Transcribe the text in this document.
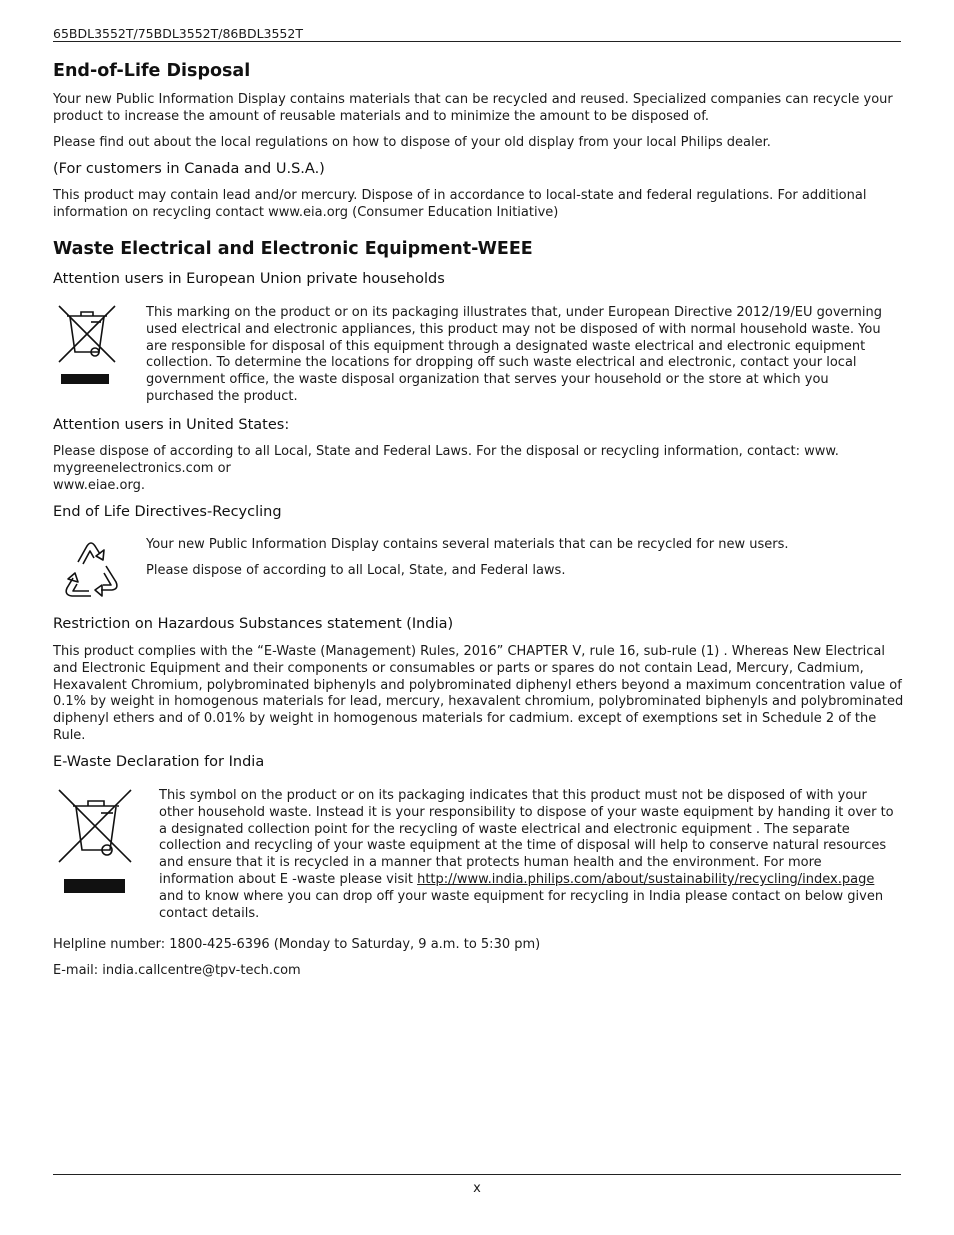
65BDL3552T/75BDL3552T/86BDL3552T
End-of-Life Disposal

Your new Public Information Display contains materials that can be recycled and reused. Specialized companies can recycle your product to increase the amount of reusable materials and to minimize the amount to be disposed of.

Please find out about the local regulations on how to dispose of your old display from your local Philips dealer.

(For customers in Canada and U.S.A.)

This product may contain lead and/or mercury. Dispose of in accordance to local-state and federal regulations. For additional information on recycling contact www.eia.org (Consumer Education Initiative)

Waste Electrical and Electronic Equipment-WEEE
Attention users in European Union private households

This marking on the product or on its packaging illustrates that, under European Directive 2012/19/EU governing used electrical and electronic appliances, this product may not be disposed of with normal household waste. You are responsible for disposal of this equipment through a designated waste electrical and electronic equipment collection. To determine the locations for dropping off such waste electrical and electronic, contact your local government office, the waste disposal organization that serves your household or the store at which you purchased the product.

Attention users in United States:

Please dispose of according to all Local, State and Federal Laws. For the disposal or recycling information, contact: www.
mygreenelectronics.com or
www.eiae.org.

End of Life Directives-Recycling

Your new Public Information Display contains several materials that can be recycled for new users.

Please dispose of according to all Local, State, and Federal laws.

Restriction on Hazardous Substances statement (India)

This product complies with the “E-Waste (Management) Rules, 2016” CHAPTER V, rule 16, sub-rule (1) . Whereas New Electrical and Electronic Equipment and their components or consumables or parts or spares do not contain Lead, Mercury, Cadmium, Hexavalent Chromium, polybrominated biphenyls and polybrominated diphenyl ethers beyond a maximum concentration value of 0.1% by weight in homogenous materials for lead, mercury, hexavalent chromium, polybrominated biphenyls and polybrominated diphenyl ethers and of 0.01% by weight in homogenous materials for cadmium. except of exemptions set in Schedule 2 of the Rule.

E-Waste Declaration for India

This symbol on the product or on its packaging indicates that this product must not be disposed of with your other household waste. Instead it is your responsibility to dispose of your waste equipment by handing it over to a designated collection point for the recycling of waste electrical and electronic equipment . The separate collection and recycling of your waste equipment at the time of disposal will help to conserve natural resources and ensure that it is recycled in a manner that protects human health and the environment. For more information about E -waste please visit http://www.india.philips.com/about/sustainability/recycling/index.page and to know where you can drop off your waste equipment for recycling in India please contact on below given contact details.

Helpline number: 1800-425-6396 (Monday to Saturday, 9 a.m. to 5:30 pm)

E-mail: india.callcentre@tpv-tech.com

x
